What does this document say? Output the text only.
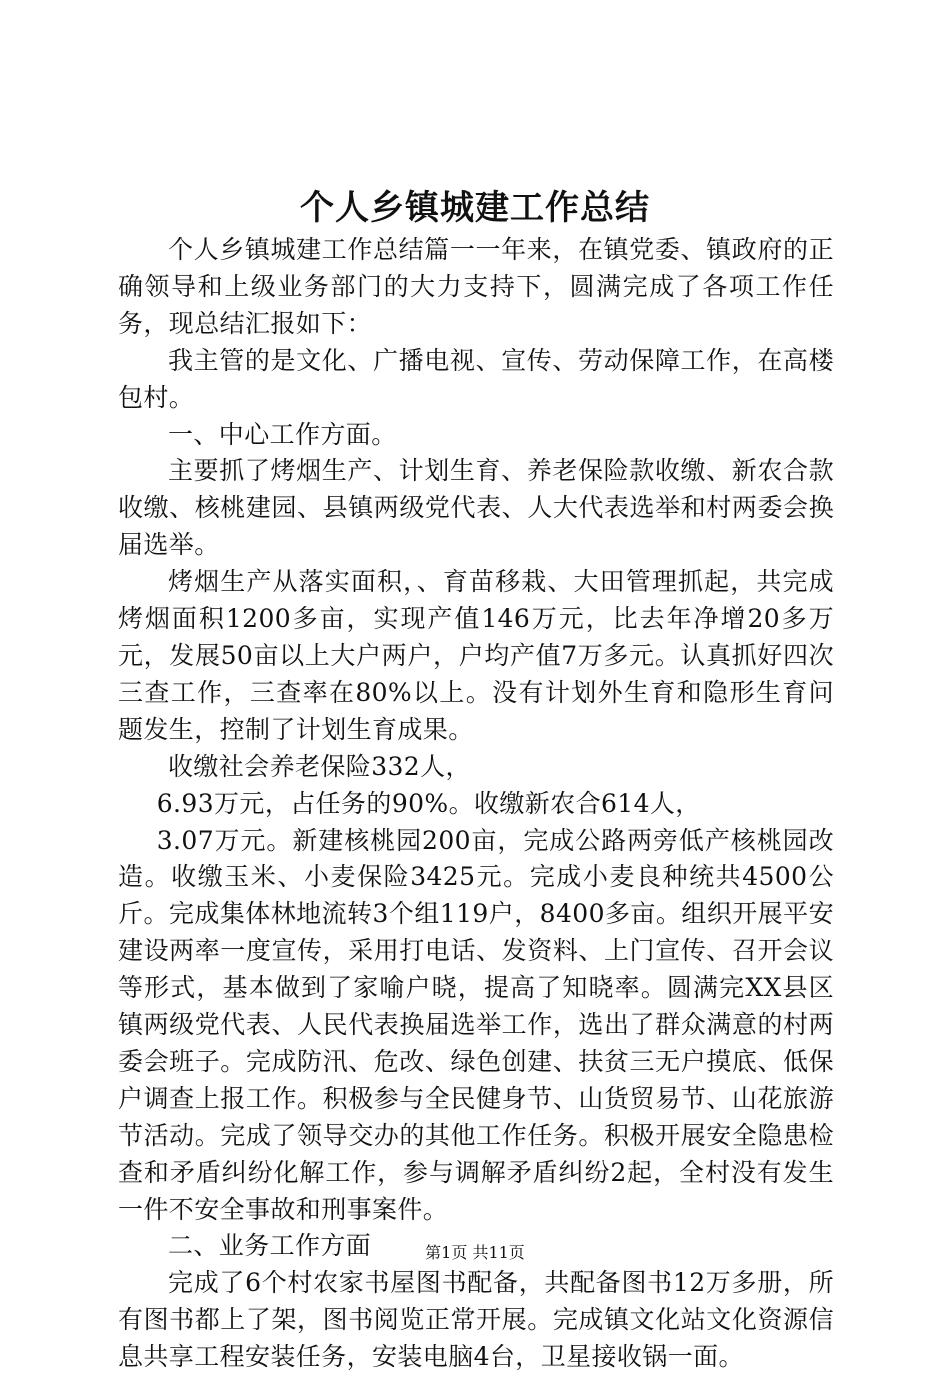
个人乡镇城建工作总结

个人乡镇城建工作总结篇一一年来，在镇党委、镇政府的正确领导和上级业务部门的大力支持下，圆满完成了各项工作任务，现总结汇报如下：

我主管的是文化、广播电视、宣传、劳动保障工作，在高楼包村。

一、中心工作方面。

主要抓了烤烟生产、计划生育、养老保险款收缴、新农合款收缴、核桃建园、县镇两级党代表、人大代表选举和村两委会换届选举。

烤烟生产从落实面积，、育苗移栽、大田管理抓起，共完成烤烟面积1200多亩，实现产值146万元，比去年净增20多万元，发展50亩以上大户两户，户均产值7万多元。认真抓好四次三查工作，三查率在80%以上。没有计划外生育和隐形生育问题发生，控制了计划生育成果。

收缴社会养老保险332人，

6.93万元，占任务的90%。收缴新农合614人，

3.07万元。新建核桃园200亩，完成公路两旁低产核桃园改造。收缴玉米、小麦保险3425元。完成小麦良种统共4500公斤。完成集体林地流转3个组119户，8400多亩。组织开展平安建设两率一度宣传，采用打电话、发资料、上门宣传、召开会议等形式，基本做到了家喻户晓，提高了知晓率。圆满完XX县区镇两级党代表、人民代表换届选举工作，选出了群众满意的村两委会班子。完成防汛、危改、绿色创建、扶贫三无户摸底、低保户调查上报工作。积极参与全民健身节、山货贸易节、山花旅游节活动。完成了领导交办的其他工作任务。积极开展安全隐患检查和矛盾纠纷化解工作，参与调解矛盾纠纷2起，全村没有发生一件不安全事故和刑事案件。

二、业务工作方面

完成了6个村农家书屋图书配备，共配备图书12万多册，所有图书都上了架，图书阅览正常开展。完成镇文化站文化资源信息共享工程安装任务，安装电脑4台，卫星接收锅一面。

第1页 共11页
